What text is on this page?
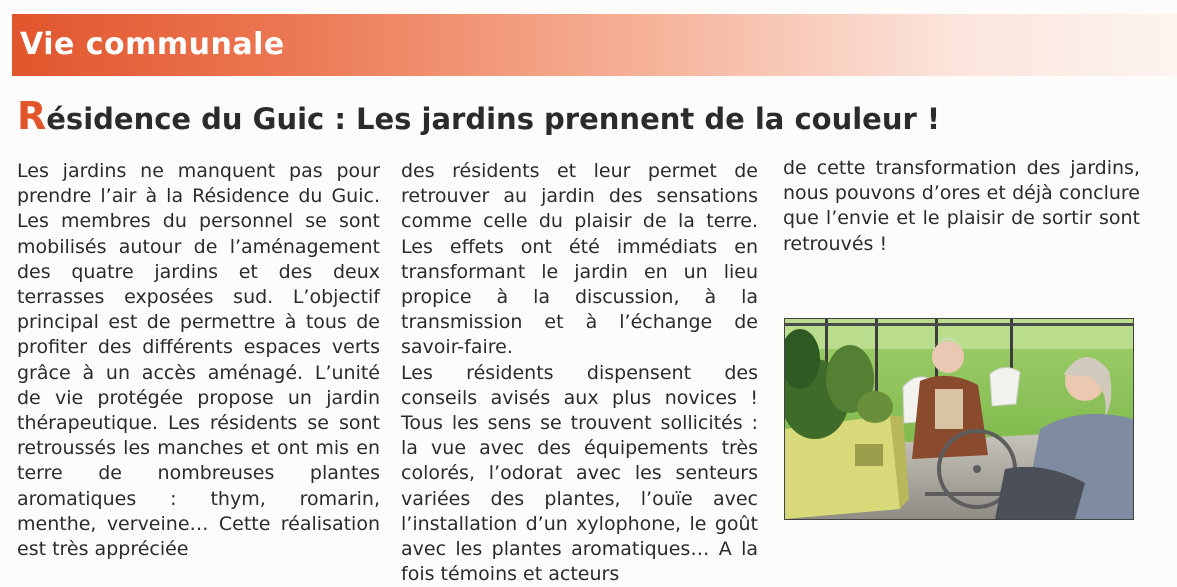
Vie communale
Résidence du Guic : Les jardins prennent de la couleur !

Les jardins ne manquent pas pour prendre l’air à la Résidence du Guic. Les membres du personnel se sont mobilisés autour de l’aménagement des quatre jardins et des deux terrasses exposées sud. L’objectif principal est de permettre à tous de profiter des différents espaces verts grâce à un accès aménagé. L’unité de vie protégée propose un jardin thérapeutique. Les résidents se sont retroussés les manches et ont mis en terre de nombreuses plantes aromatiques : thym, romarin, menthe, verveine… Cette réalisation est très appréciée

des résidents et leur permet de retrouver au jardin des sensations comme celle du plaisir de la terre. Les effets ont été immédiats en transformant le jardin en un lieu propice à la discussion, à la transmission et à l’échange de savoir-faire.

Les résidents dispensent des conseils avisés aux plus novices ! Tous les sens se trouvent sollicités : la vue avec des équipements très colorés, l’odorat avec les senteurs variées des plantes, l’ouïe avec l’installation d’un xylophone, le goût avec les plantes aromatiques… A la fois témoins et acteurs

de cette transformation des jardins, nous pouvons d’ores et déjà conclure que l’envie et le plaisir de sortir sont retrouvés !
